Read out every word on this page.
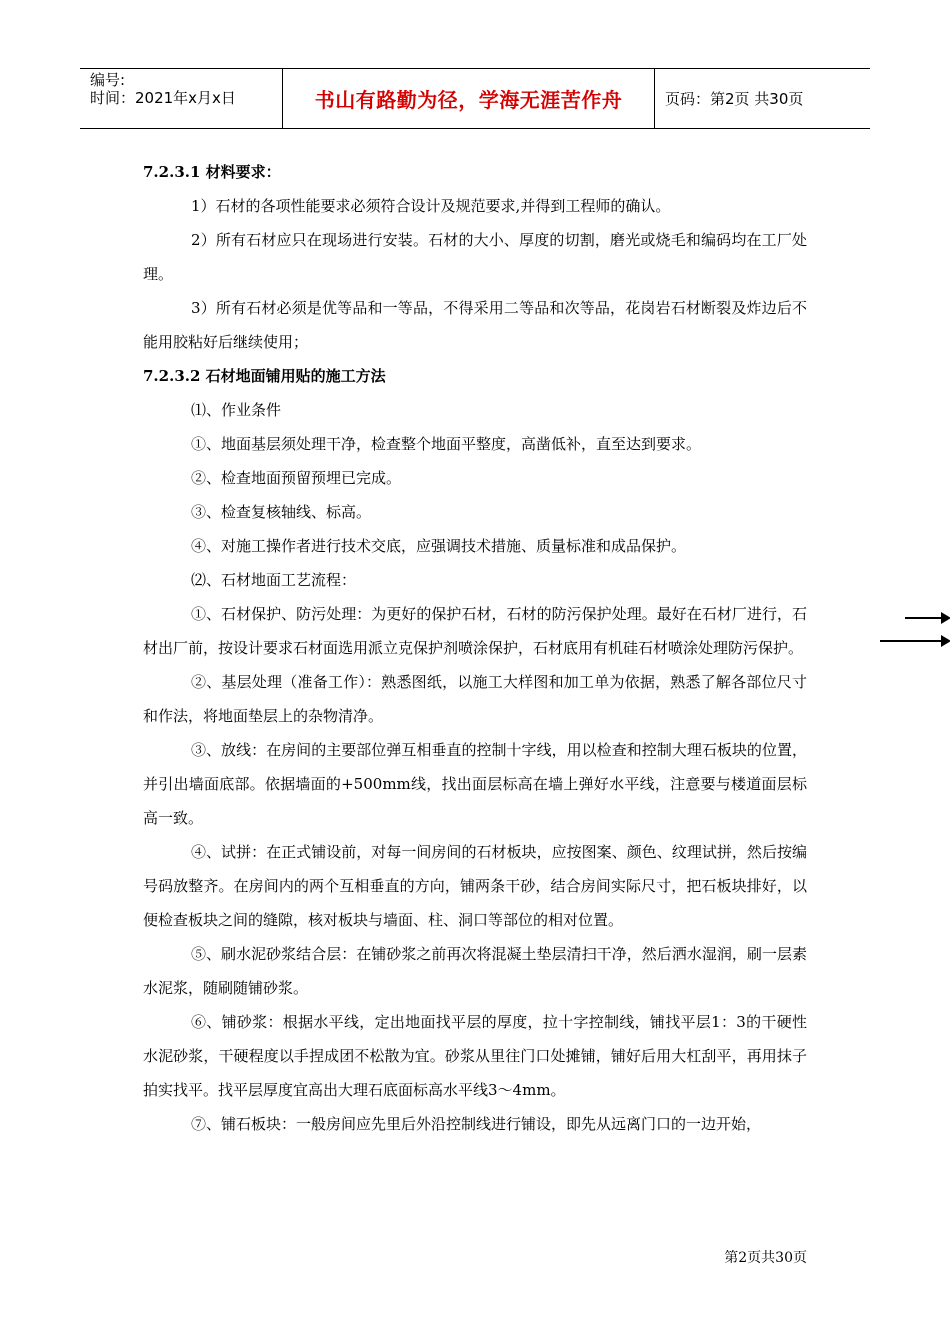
编号:
时间：2021年x月x日	书山有路勤为径，学海无涯苦作舟	页码：第2页 共30页

7.2.3.1 材料要求：

1）石材的各项性能要求必须符合设计及规范要求,并得到工程师的确认。

2）所有石材应只在现场进行安装。石材的大小、厚度的切割，磨光或烧毛和编码均在工厂处理。

3）所有石材必须是优等品和一等品，不得采用二等品和次等品，花岗岩石材断裂及炸边后不能用胶粘好后继续使用；

7.2.3.2 石材地面铺用贴的施工方法

⑴、作业条件

①、地面基层须处理干净，检查整个地面平整度，高凿低补，直至达到要求。

②、检查地面预留预埋已完成。

③、检查复核轴线、标高。

④、对施工操作者进行技术交底，应强调技术措施、质量标准和成品保护。

⑵、石材地面工艺流程：

①、石材保护、防污处理：为更好的保护石材，石材的防污保护处理。最好在石材厂进行，石材出厂前，按设计要求石材面选用派立克保护剂喷涂保护，石材底用有机硅石材喷涂处理防污保护。

②、基层处理（准备工作）：熟悉图纸，以施工大样图和加工单为依据，熟悉了解各部位尺寸和作法，将地面垫层上的杂物清净。

③、放线：在房间的主要部位弹互相垂直的控制十字线，用以检查和控制大理石板块的位置，并引出墙面底部。依据墙面的+500mm线，找出面层标高在墙上弹好水平线，注意要与楼道面层标高一致。

④、试拼：在正式铺设前，对每一间房间的石材板块，应按图案、颜色、纹理试拼，然后按编号码放整齐。在房间内的两个互相垂直的方向，铺两条干砂，结合房间实际尺寸，把石板块排好，以便检查板块之间的缝隙，核对板块与墙面、柱、洞口等部位的相对位置。

⑤、刷水泥砂浆结合层：在铺砂浆之前再次将混凝土垫层清扫干净，然后洒水湿润，刷一层素水泥浆，随刷随铺砂浆。

⑥、铺砂浆：根据水平线，定出地面找平层的厚度，拉十字控制线，铺找平层1：3的干硬性水泥砂浆，干硬程度以手捏成团不松散为宜。砂浆从里往门口处摊铺，铺好后用大杠刮平，再用抹子拍实找平。找平层厚度宜高出大理石底面标高水平线3～4mm。

⑦、铺石板块：一般房间应先里后外沿控制线进行铺设，即先从远离门口的一边开始，

第2页共30页
